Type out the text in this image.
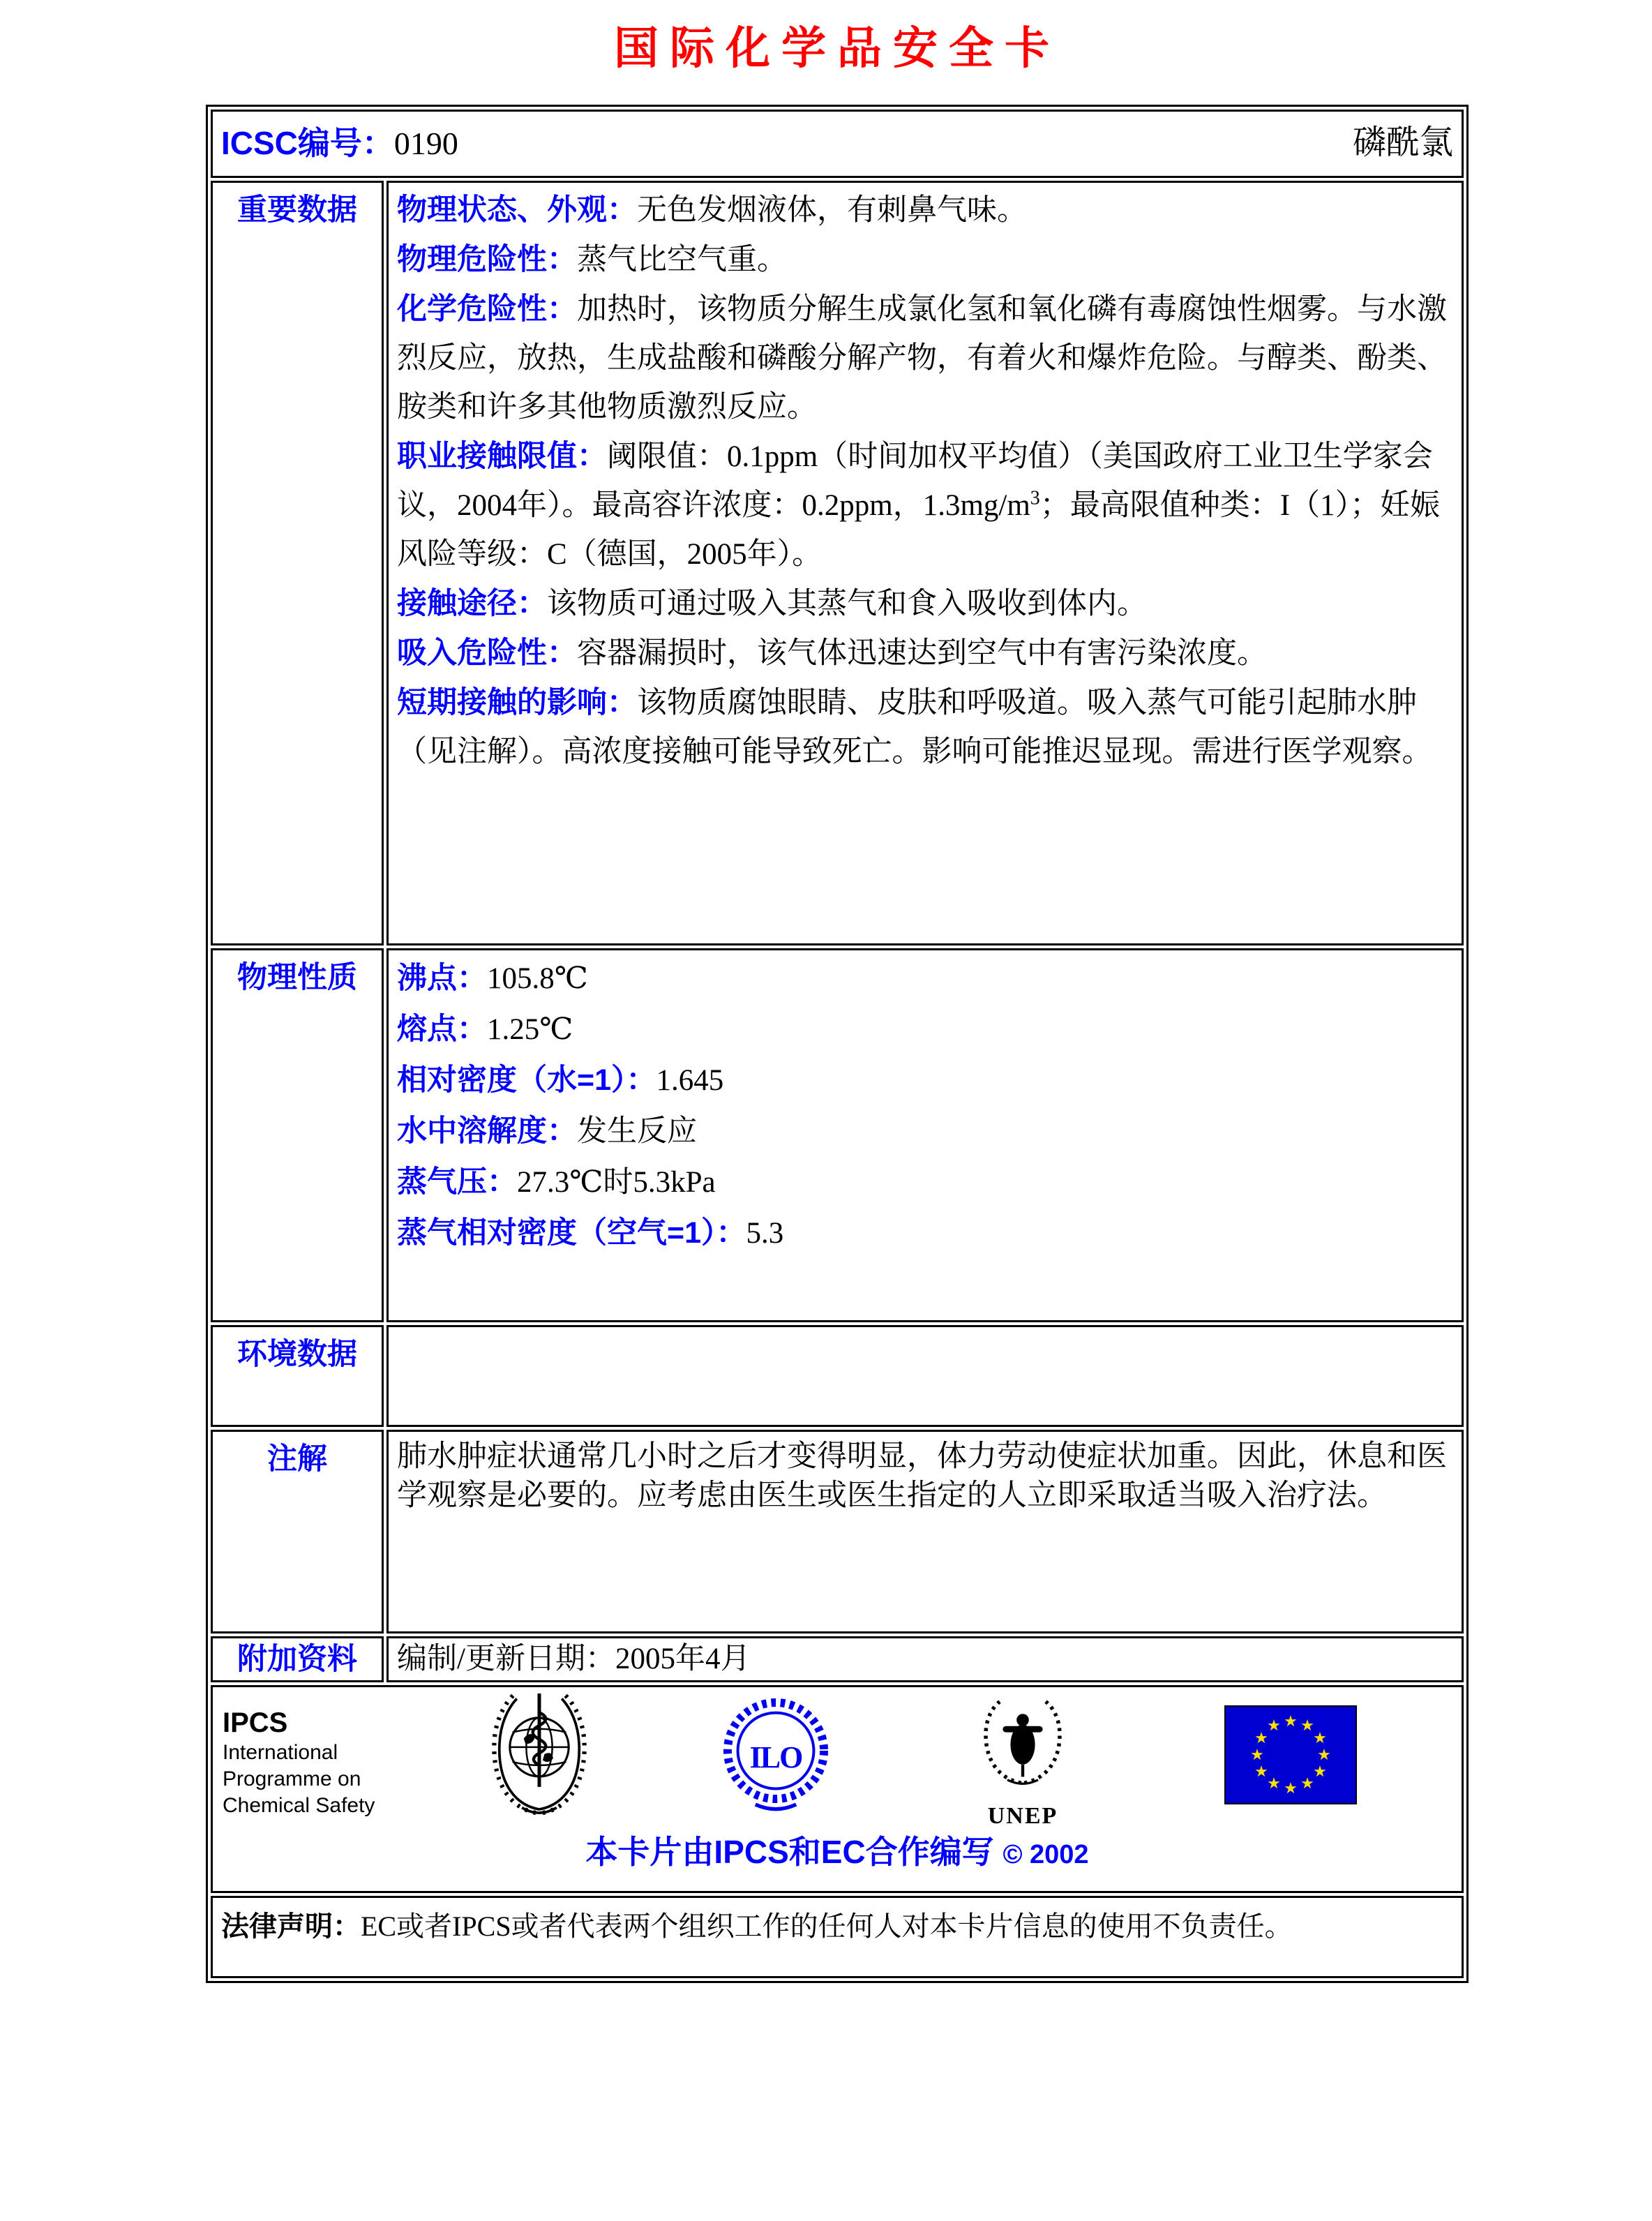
国际化学品安全卡
ICSC编号：0190 磷酰氯	

重要数据	物理状态、外观：无色发烟液体，有刺鼻气味。

物理危险性：蒸气比空气重。

化学危险性：加热时，该物质分解生成氯化氢和氧化磷有毒腐蚀性烟雾。与水激烈反应，放热，生成盐酸和磷酸分解产物，有着火和爆炸危险。与醇类、酚类、胺类和许多其他物质激烈反应。

职业接触限值：阈限值：0.1ppm（时间加权平均值）（美国政府工业卫生学家会议，2004年）。最高容许浓度：0.2ppm，$1.3mg/m^3$；最高限值种类：I（1）；妊娠风险等级：C（德国，2005年）。

接触途径：该物质可通过吸入其蒸气和食入吸收到体内。

吸入危险性：容器漏损时，该气体迅速达到空气中有害污染浓度。

短期接触的影响：该物质腐蚀眼睛、皮肤和呼吸道。吸入蒸气可能引起肺水肿（见注解）。高浓度接触可能导致死亡。影响可能推迟显现。需进行医学观察。

物理性质	沸点：105.8℃

熔点：1.25℃

相对密度（水=1）：1.645

水中溶解度：发生反应

蒸气压：27.3℃时5.3kPa

蒸气相对密度（空气=1）：5.3

环境数据	
注解	肺水肿症状通常几小时之后才变得明显，体力劳动使症状加重。因此，休息和医学观察是必要的。应考虑由医生或医生指定的人立即采取适当吸入治疗法。
附加资料	编制/更新日期：2005年4月

IPCS
International
Programme on
Chemical Safety
ILO
UNEP
★ ★
★
★
★
★
★
★
★
★
★
★
本卡片由IPCS和EC合作编写 © 2002

法律声明：EC或者IPCS或者代表两个组织工作的任何人对本卡片信息的使用不负责任。	
